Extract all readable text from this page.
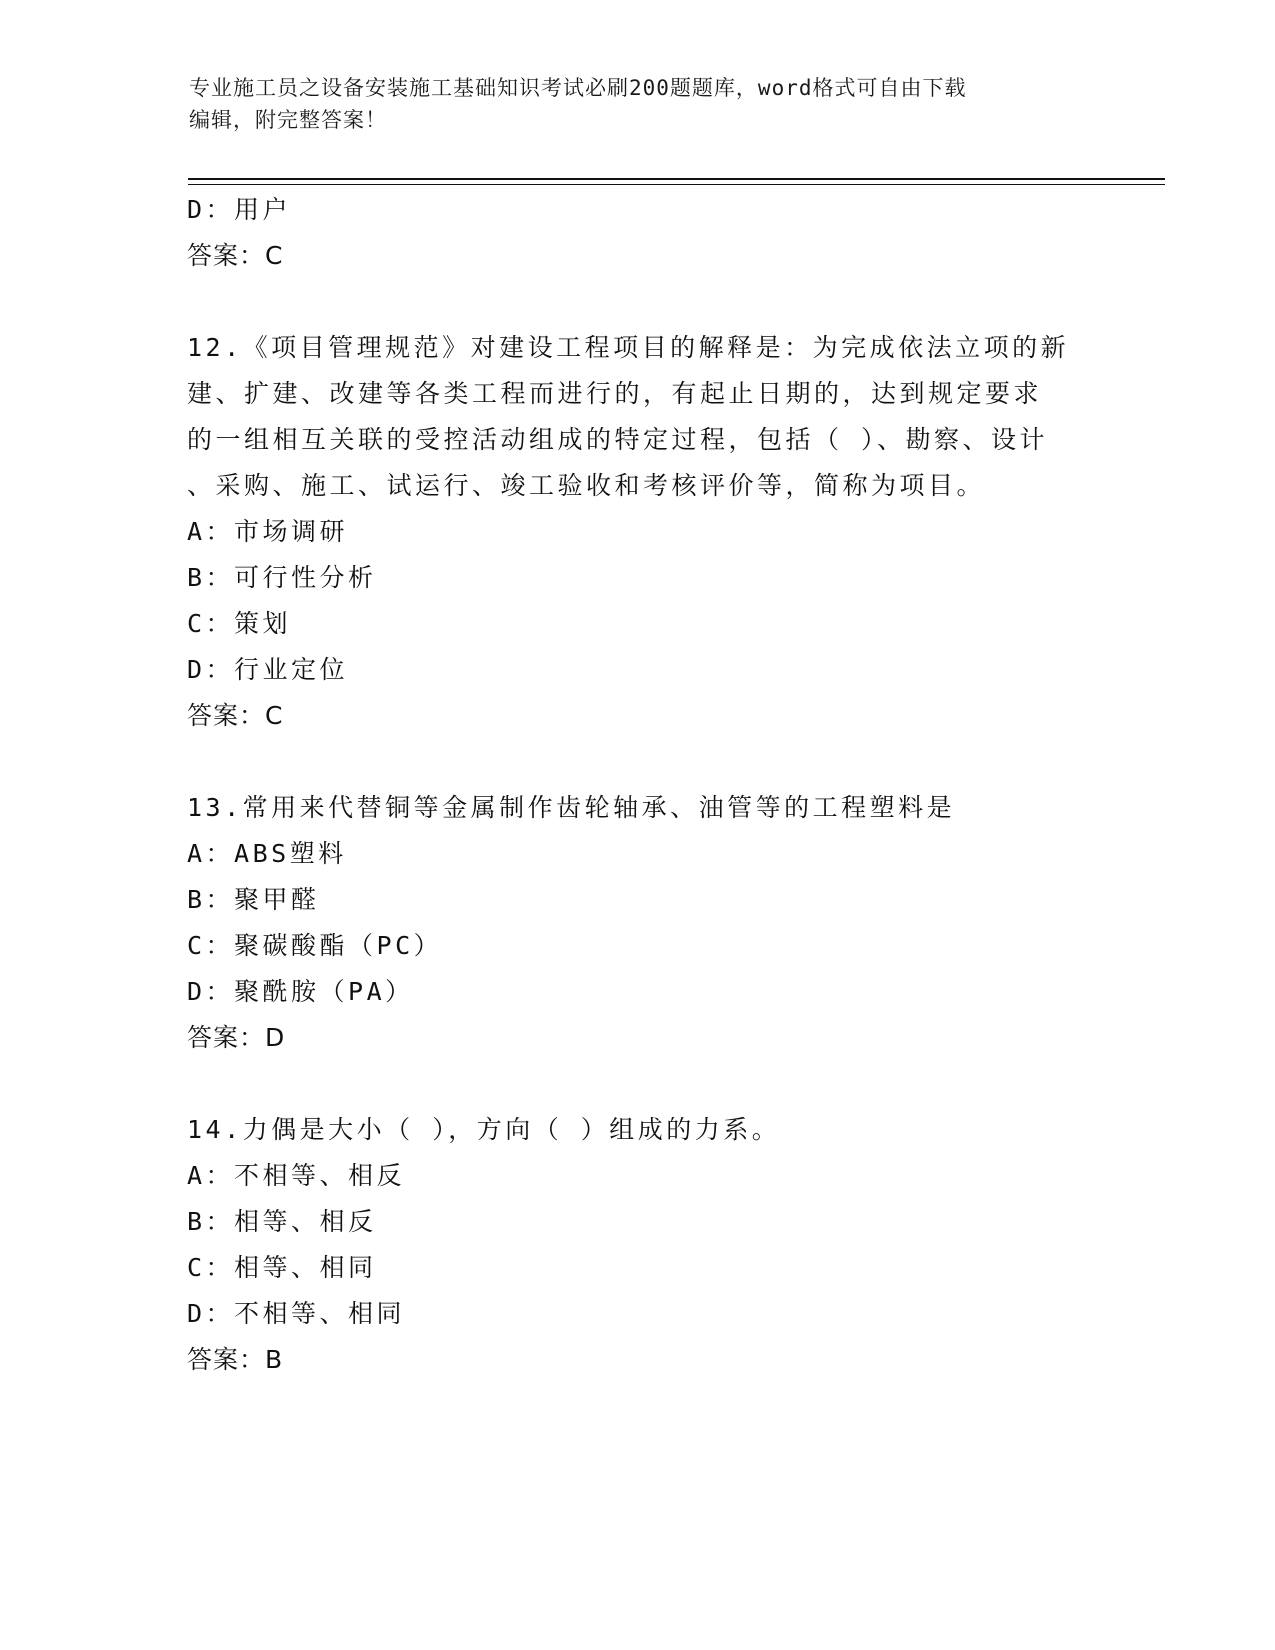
专业施工员之设备安装施工基础知识考试必刷200题题库，word格式可自由下载
编辑，附完整答案！
D：用户
答案：C
12.《项目管理规范》对建设工程项目的解释是：为完成依法立项的新
建、扩建、改建等各类工程而进行的，有起止日期的，达到规定要求
的一组相互关联的受控活动组成的特定过程，包括（ ）、勘察、设计
、采购、施工、试运行、竣工验收和考核评价等，简称为项目。
A：市场调研
B：可行性分析
C：策划
D：行业定位
答案：C
13.常用来代替铜等金属制作齿轮轴承、油管等的工程塑料是
A：ABS塑料
B：聚甲醛
C：聚碳酸酯（PC）
D：聚酰胺（PA）
答案：D
14.力偶是大小（ ），方向（ ）组成的力系。
A：不相等、相反
B：相等、相反
C：相等、相同
D：不相等、相同
答案：B
